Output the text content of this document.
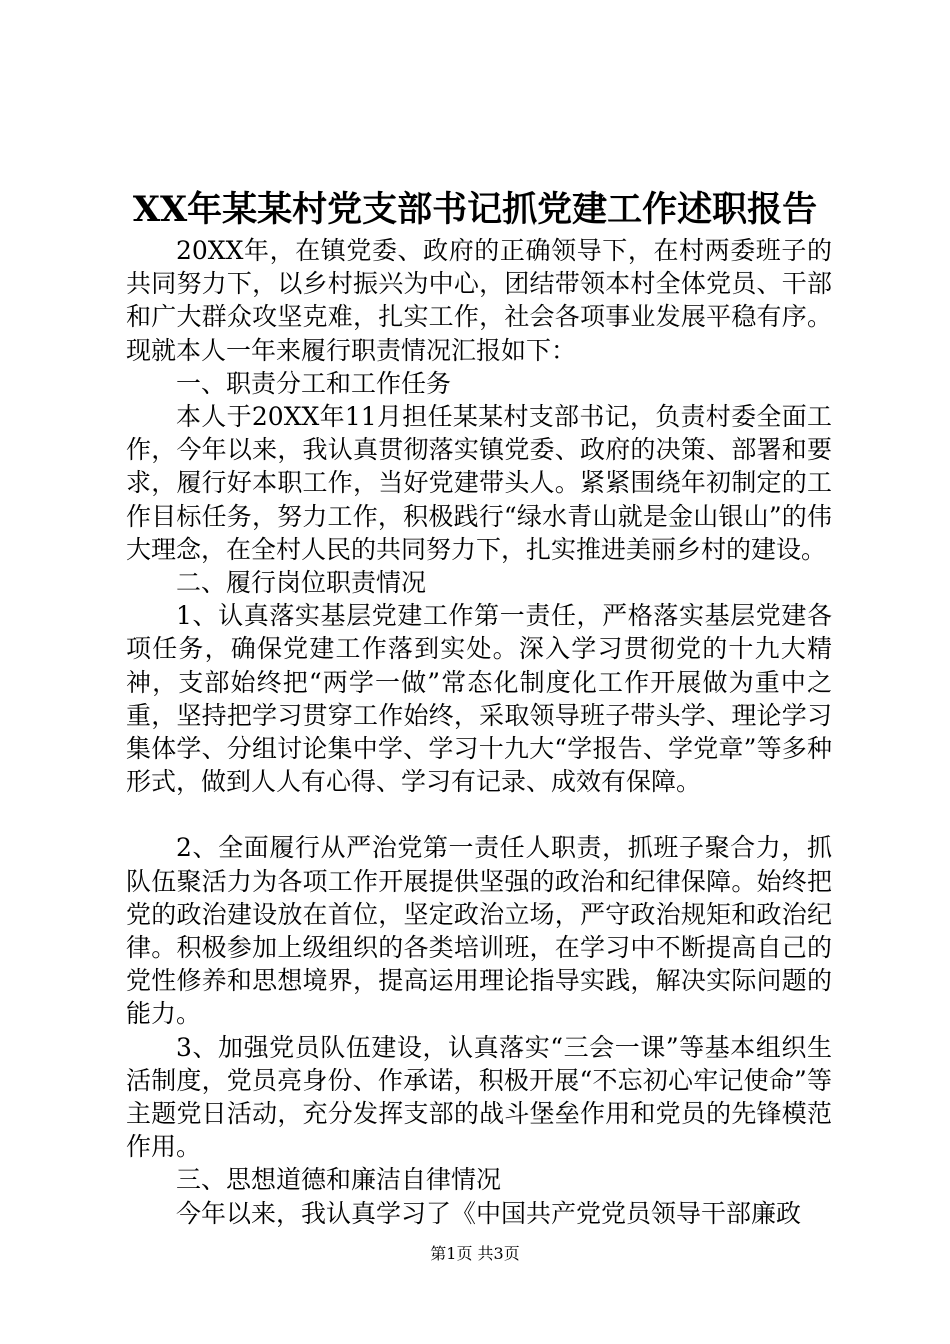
XX年某某村党支部书记抓党建工作述职报告

20XX年，在镇党委、政府的正确领导下，在村两委班子的共同努力下，以乡村振兴为中心，团结带领本村全体党员、干部和广大群众攻坚克难，扎实工作，社会各项事业发展平稳有序。现就本人一年来履行职责情况汇报如下：

一、职责分工和工作任务

本人于20XX年11月担任某某村支部书记，负责村委全面工作，今年以来，我认真贯彻落实镇党委、政府的决策、部署和要求，履行好本职工作，当好党建带头人。紧紧围绕年初制定的工作目标任务，努力工作，积极践行“绿水青山就是金山银山”的伟大理念，在全村人民的共同努力下，扎实推进美丽乡村的建设。

二、履行岗位职责情况

1、认真落实基层党建工作第一责任，严格落实基层党建各项任务，确保党建工作落到实处。深入学习贯彻党的十九大精神，支部始终把“两学一做”常态化制度化工作开展做为重中之重，坚持把学习贯穿工作始终，采取领导班子带头学、理论学习集体学、分组讨论集中学、学习十九大“学报告、学党章”等多种形式，做到人人有心得、学习有记录、成效有保障。

2、全面履行从严治党第一责任人职责，抓班子聚合力，抓队伍聚活力为各项工作开展提供坚强的政治和纪律保障。始终把党的政治建设放在首位，坚定政治立场，严守政治规矩和政治纪律。积极参加上级组织的各类培训班，在学习中不断提高自己的党性修养和思想境界，提高运用理论指导实践，解决实际问题的能力。

3、加强党员队伍建设，认真落实“三会一课”等基本组织生活制度，党员亮身份、作承诺，积极开展“不忘初心牢记使命”等主题党日活动，充分发挥支部的战斗堡垒作用和党员的先锋模范作用。

三、思想道德和廉洁自律情况

今年以来，我认真学习了《中国共产党党员领导干部廉政

第1页 共3页
